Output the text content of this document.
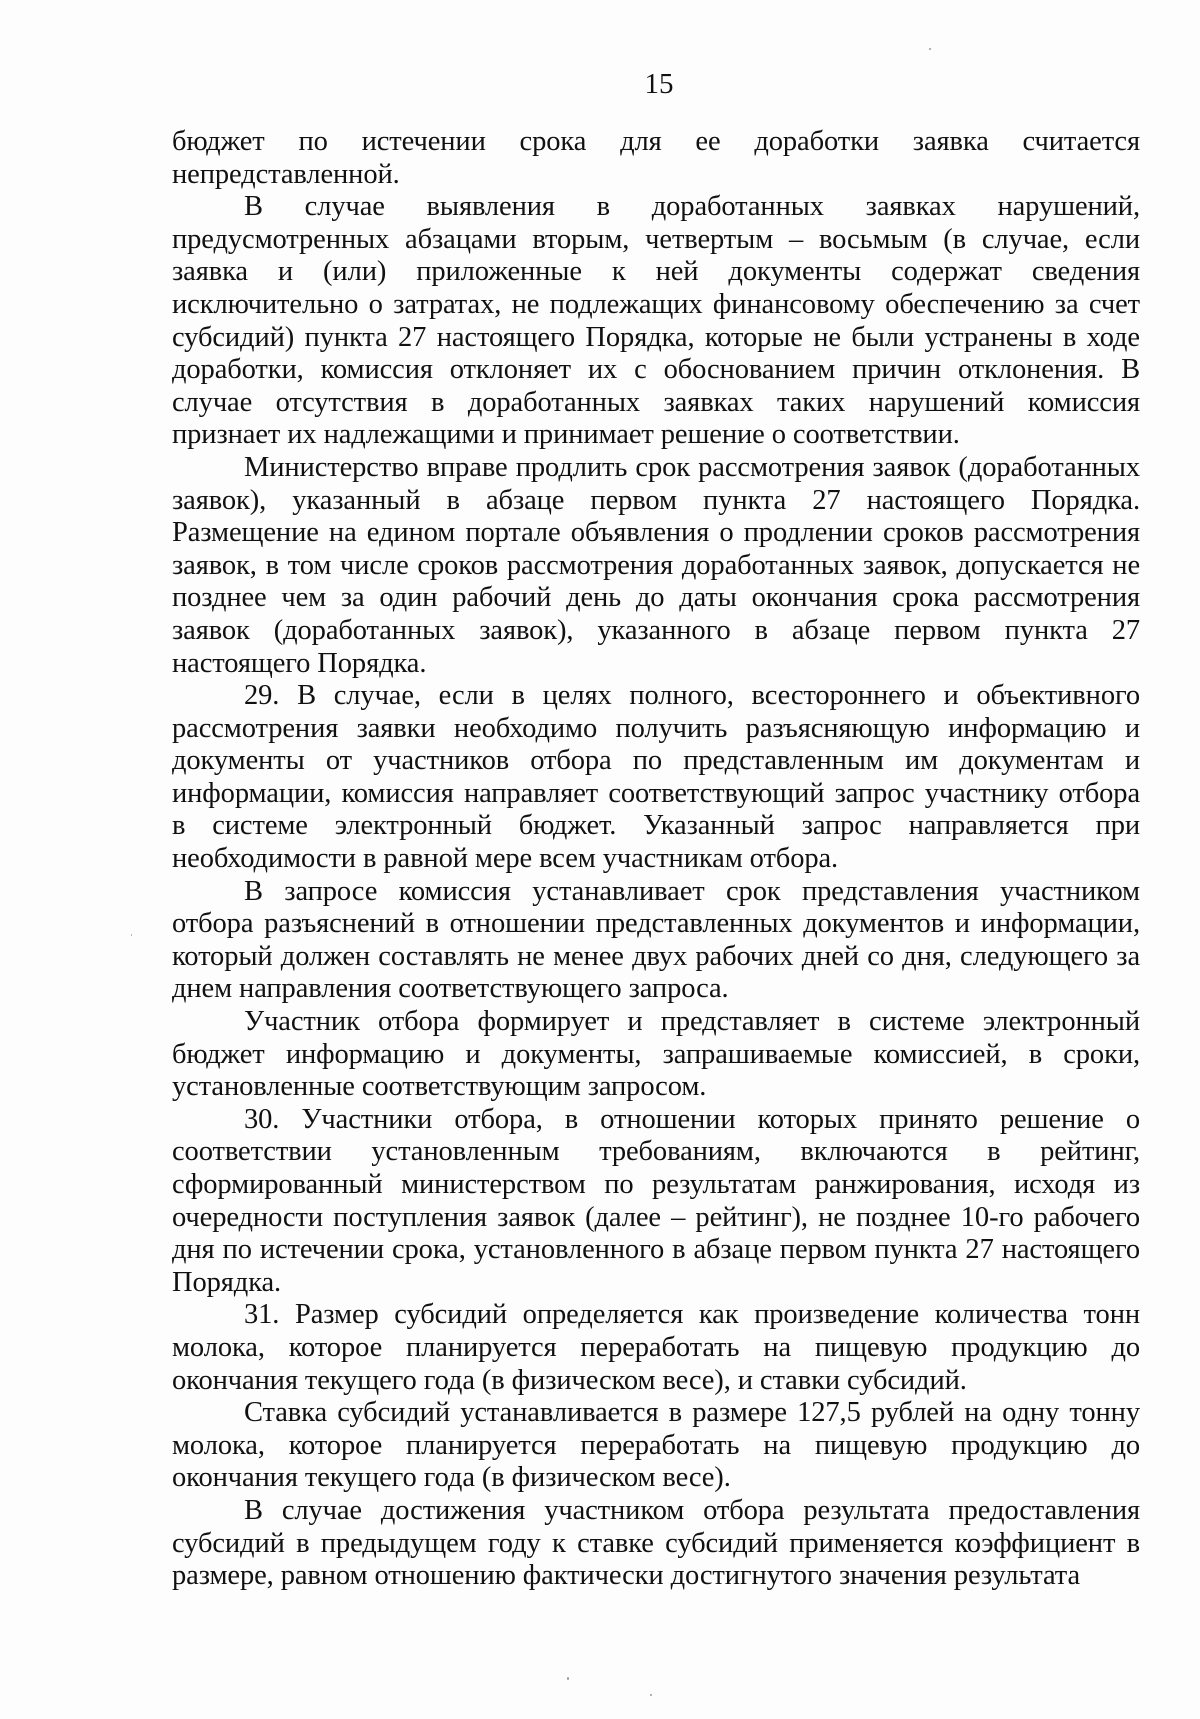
15

бюджет по истечении срока для ее доработки заявка считается непредставленной.

В случае выявления в доработанных заявках нарушений, предусмотренных абзацами вторым, четвертым – восьмым (в случае, если заявка и (или) приложенные к ней документы содержат сведения исключительно о затратах, не подлежащих финансовому обеспечению за счет субсидий) пункта 27 настоящего Порядка, которые не были устранены в ходе доработки, комиссия отклоняет их с обоснованием причин отклонения. В случае отсутствия в доработанных заявках таких нарушений комиссия признает их надлежащими и принимает решение о соответствии.

Министерство вправе продлить срок рассмотрения заявок (доработанных заявок), указанный в абзаце первом пункта 27 настоящего Порядка. Размещение на едином портале объявления о продлении сроков рассмотрения заявок, в том числе сроков рассмотрения доработанных заявок, допускается не позднее чем за один рабочий день до даты окончания срока рассмотрения заявок (доработанных заявок), указанного в абзаце первом пункта 27 настоящего Порядка.

29. В случае, если в целях полного, всестороннего и объективного рассмотрения заявки необходимо получить разъясняющую информацию и документы от участников отбора по представленным им документам и информации, комиссия направляет соответствующий запрос участнику отбора в системе электронный бюджет. Указанный запрос направляется при необходимости в равной мере всем участникам отбора.

В запросе комиссия устанавливает срок представления участником отбора разъяснений в отношении представленных документов и информации, который должен составлять не менее двух рабочих дней со дня, следующего за днем направления соответствующего запроса.

Участник отбора формирует и представляет в системе электронный бюджет информацию и документы, запрашиваемые комиссией, в сроки, установленные соответствующим запросом.

30. Участники отбора, в отношении которых принято решение о соответствии установленным требованиям, включаются в рейтинг, сформированный министерством по результатам ранжирования, исходя из очередности поступления заявок (далее – рейтинг), не позднее 10-го рабочего дня по истечении срока, установленного в абзаце первом пункта 27 настоящего Порядка.

31. Размер субсидий определяется как произведение количества тонн молока, которое планируется переработать на пищевую продукцию до окончания текущего года (в физическом весе), и ставки субсидий.

Ставка субсидий устанавливается в размере 127,5 рублей на одну тонну молока, которое планируется переработать на пищевую продукцию до окончания текущего года (в физическом весе).

В случае достижения участником отбора результата предоставления субсидий в предыдущем году к ставке субсидий применяется коэффициент в размере, равном отношению фактически достигнутого значения результата
